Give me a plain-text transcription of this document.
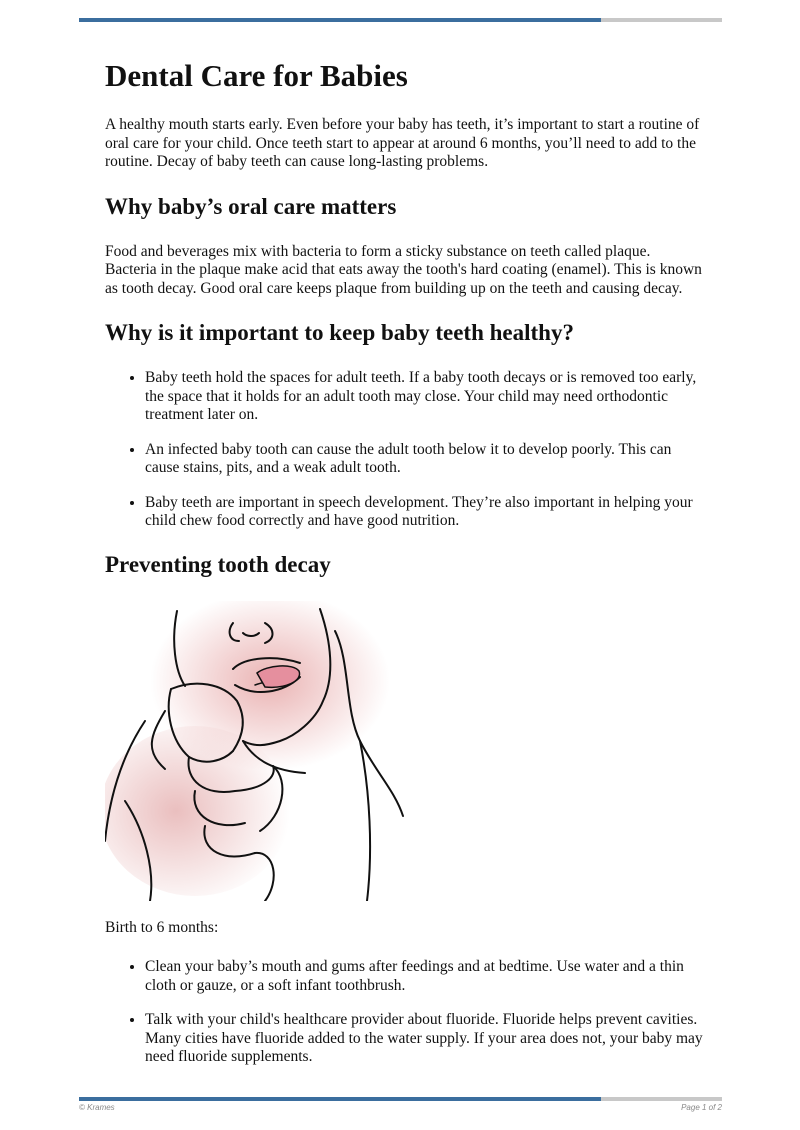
Dental Care for Babies

A healthy mouth starts early. Even before your baby has teeth, it’s important to start a routine of oral care for your child. Once teeth start to appear at around 6 months, you’ll need to add to the routine. Decay of baby teeth can cause long-lasting problems.

Why baby’s oral care matters

Food and beverages mix with bacteria to form a sticky substance on teeth called plaque. Bacteria in the plaque make acid that eats away the tooth's hard coating (enamel). This is known as tooth decay. Good oral care keeps plaque from building up on the teeth and causing decay.

Why is it important to keep baby teeth healthy?
• Baby teeth hold the spaces for adult teeth. If a baby tooth decays or is removed too early, the space that it holds for an adult tooth may close. Your child may need orthodontic treatment later on.
• An infected baby tooth can cause the adult tooth below it to develop poorly. This can cause stains, pits, and a weak adult tooth.
• Baby teeth are important in speech development. They’re also important in helping your child chew food correctly and have good nutrition.
Preventing tooth decay

Birth to 6 months:

• Clean your baby’s mouth and gums after feedings and at bedtime. Use water and a thin cloth or gauze, or a soft infant toothbrush.
• Talk with your child's healthcare provider about fluoride. Fluoride helps prevent cavities. Many cities have fluoride added to the water supply. If your area does not, your baby may need fluoride supplements.
© Krames	Page 1 of 2
